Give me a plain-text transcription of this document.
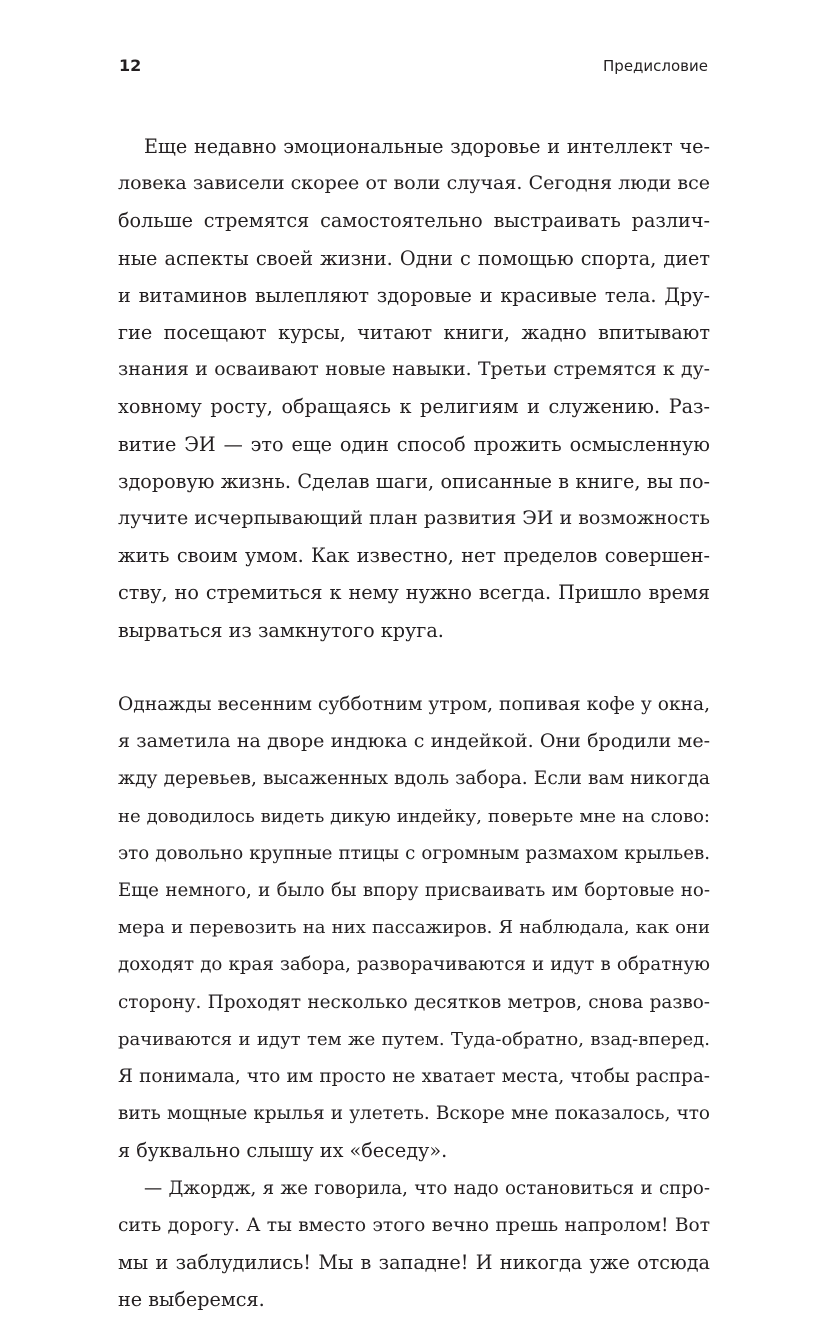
12	Предисловие
Еще недавно эмоциональные здоровье и интеллект че-
ловека зависели скорее от воли случая. Сегодня люди все
больше стремятся самостоятельно выстраивать различ-
ные аспекты своей жизни. Одни с помощью спорта, диет
и витаминов вылепляют здоровые и красивые тела. Дру-
гие посещают курсы, читают книги, жадно впитывают
знания и осваивают новые навыки. Третьи стремятся к ду-
ховному росту, обращаясь к религиям и служению. Раз-
витие ЭИ — это еще один способ прожить осмысленную
здоровую жизнь. Сделав шаги, описанные в книге, вы по-
лучите исчерпывающий план развития ЭИ и возможность
жить своим умом. Как известно, нет пределов совершен-
ству, но стремиться к нему нужно всегда. Пришло время
вырваться из замкнутого круга.
Однажды весенним субботним утром, попивая кофе у окна,
я заметила на дворе индюка с индейкой. Они бродили ме-
жду деревьев, высаженных вдоль забора. Если вам никогда
не доводилось видеть дикую индейку, поверьте мне на слово:
это довольно крупные птицы с огромным размахом крыльев.
Еще немного, и было бы впору присваивать им бортовые но-
мера и перевозить на них пассажиров. Я наблюдала, как они
доходят до края забора, разворачиваются и идут в обратную
сторону. Проходят несколько десятков метров, снова разво-
рачиваются и идут тем же путем. Туда-обратно, взад-вперед.
Я понимала, что им просто не хватает места, чтобы распра-
вить мощные крылья и улететь. Вскоре мне показалось, что
я буквально слышу их «беседу».
— Джордж, я же говорила, что надо остановиться и спро-
сить дорогу. А ты вместо этого вечно прешь напролом! Вот
мы и заблудились! Мы в западне! И никогда уже отсюда
не выберемся.
